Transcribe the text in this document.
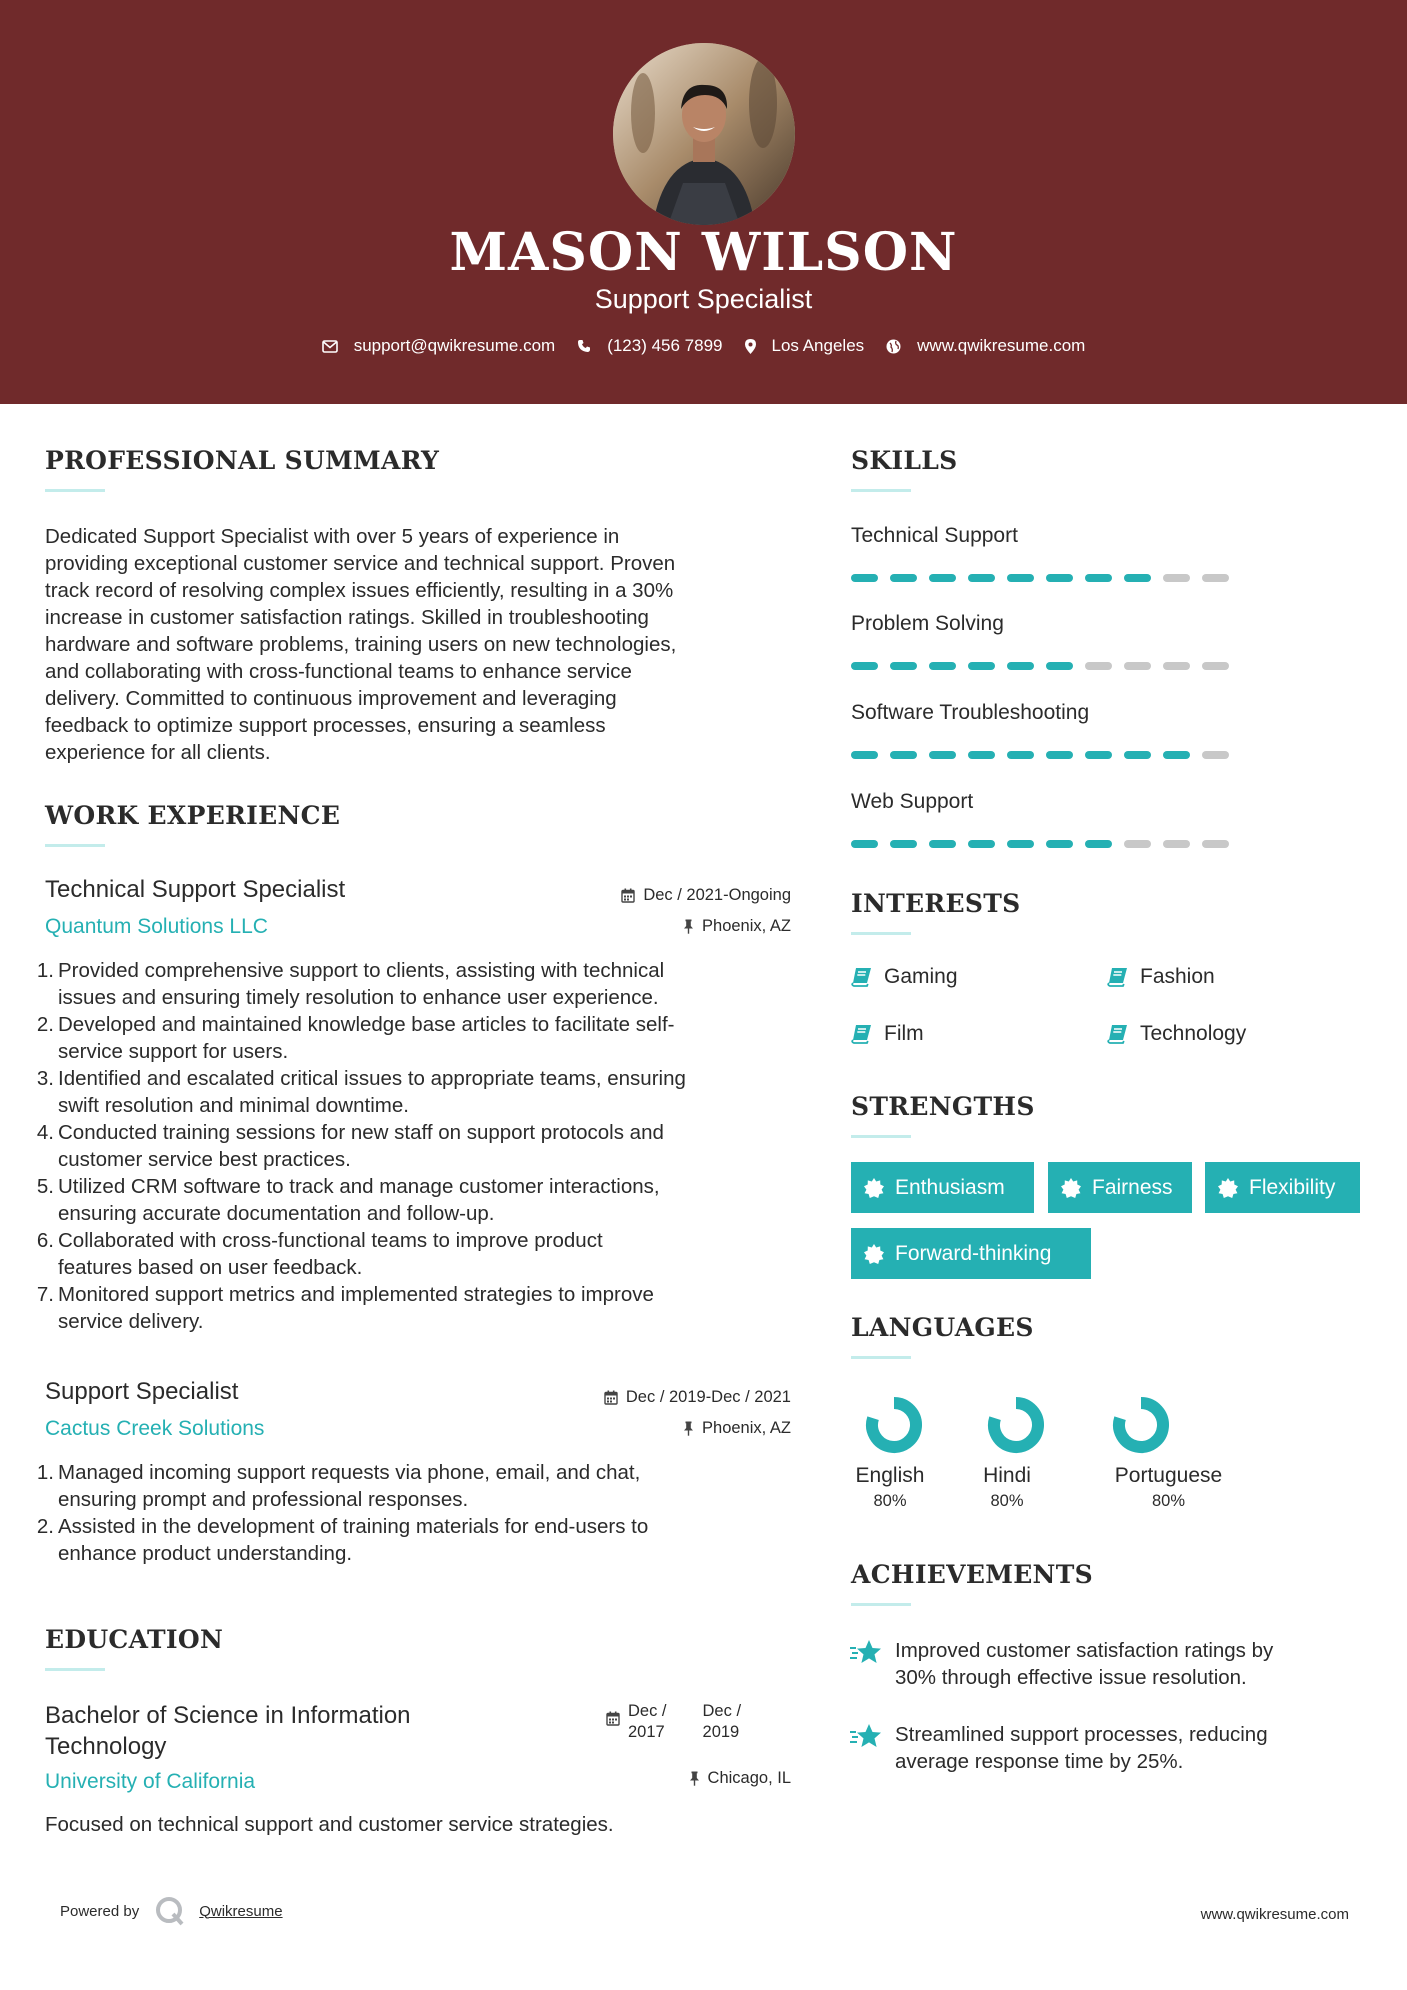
MASON WILSON
Support Specialist
support@qwikresume.com	(123) 456 7899	Los Angeles	www.qwikresume.com
PROFESSIONAL SUMMARY
Dedicated Support Specialist with over 5 years of experience in
providing exceptional customer service and technical support. Proven
track record of resolving complex issues efficiently, resulting in a 30%
increase in customer satisfaction ratings. Skilled in troubleshooting
hardware and software problems, training users on new technologies,
and collaborating with cross-functional teams to enhance service
delivery. Committed to continuous improvement and leveraging
feedback to optimize support processes, ensuring a seamless
experience for all clients.
WORK EXPERIENCE
Technical Support Specialist
Quantum Solutions LLC
Dec / 2021-Ongoing
Phoenix, AZ
1. Provided comprehensive support to clients, assisting with technical
issues and ensuring timely resolution to enhance user experience.
2. Developed and maintained knowledge base articles to facilitate self-
service support for users.
3. Identified and escalated critical issues to appropriate teams, ensuring
swift resolution and minimal downtime.
4. Conducted training sessions for new staff on support protocols and
customer service best practices.
5. Utilized CRM software to track and manage customer interactions,
ensuring accurate documentation and follow-up.
6. Collaborated with cross-functional teams to improve product
features based on user feedback.
7. Monitored support metrics and implemented strategies to improve
service delivery.
Support Specialist
Cactus Creek Solutions
Dec / 2019-Dec / 2021
Phoenix, AZ
1. Managed incoming support requests via phone, email, and chat,
ensuring prompt and professional responses.
2. Assisted in the development of training materials for end-users to
enhance product understanding.
EDUCATION
Bachelor of Science in Information
Technology
University of California
Dec /
2017
Dec /
2019
Chicago, IL
Focused on technical support and customer service strategies.
SKILLS
Technical Support
Problem Solving
Software Troubleshooting
Web Support
INTERESTS
Gaming	Fashion
Film	Technology
STRENGTHS
Enthusiasm	Fairness	Flexibility
Forward-thinking
LANGUAGES
English
80%
Hindi
80%
Portuguese
80%
ACHIEVEMENTS
Improved customer satisfaction ratings by
30% through effective issue resolution.
Streamlined support processes, reducing
average response time by 25%.
Powered by	Qwikresume	www.qwikresume.com
